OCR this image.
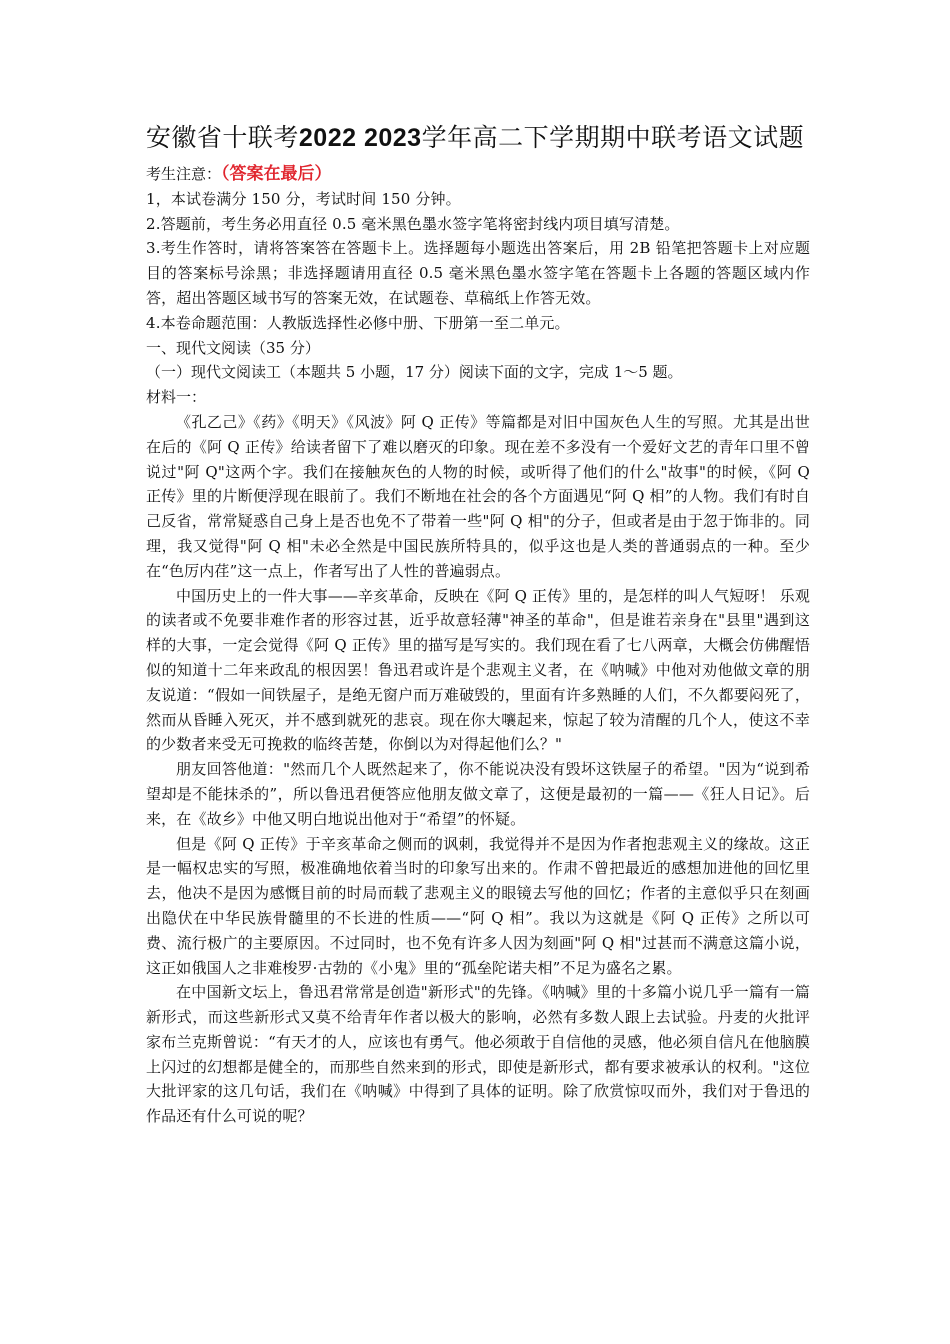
安徽省十联考2022 2023学年高二下学期期中联考语文试题

考生注意：（答案在最后）

1，本试卷满分 150 分，考试时间 150 分钟。

2.答题前，考生务必用直径 0.5 毫米黑色墨水签字笔将密封线内项目填写清楚。

3.考生作答时，请将答案答在答题卡上。选择题每小题选出答案后，用 2B 铅笔把答题卡上对应题目的答案标号涂黑；非选择题请用直径 0.5 毫米黑色墨水签字笔在答题卡上各题的答题区域内作答，超出答题区域书写的答案无效，在试题卷、草稿纸上作答无效。

4.本卷命题范围：人教版选择性必修中册、下册第一至二单元。

一、现代文阅读（35 分）

（一）现代文阅读工（本题共 5 小题，17 分）阅读下面的文字，完成 1～5 题。

材料一：

《孔乙己》《药》《明天》《风波》阿 Q 正传》等篇都是对旧中国灰色人生的写照。尤其是出世在后的《阿 Q 正传》给读者留下了难以磨灭的印象。现在差不多没有一个爱好文艺的青年口里不曾说过"阿 Q"这两个字。我们在接触灰色的人物的时候，或听得了他们的什么"故事"的时候，《阿 Q 正传》里的片断便浮现在眼前了。我们不断地在社会的各个方面遇见“阿 Q 相”的人物。我们有时自己反省，常常疑惑自己身上是否也免不了带着一些"阿 Q 相"的分子，但或者是由于忽于饰非的。同理，我又觉得"阿 Q 相"未必全然是中国民族所特具的，似乎这也是人类的普通弱点的一种。至少在“色厉内荏”这一点上，作者写出了人性的普遍弱点。

中国历史上的一件大事——辛亥革命，反映在《阿 Q 正传》里的，是怎样的叫人气短呀！ 乐观的读者或不免要非难作者的形容过甚，近乎故意轻薄"神圣的革命"，但是谁若亲身在"县里"遇到这样的大事，一定会觉得《阿 Q 正传》里的描写是写实的。我们现在看了七八两章，大概会仿佛醒悟似的知道十二年来政乱的根因罢！鲁迅君或许是个悲观主义者，在《呐喊》中他对劝他做文章的朋友说道：“假如一间铁屋子，是绝无窗户而万难破毁的，里面有许多熟睡的人们，不久都要闷死了，然而从昏睡入死灭，并不感到就死的悲哀。现在你大嚷起来，惊起了较为清醒的几个人，使这不幸的少数者来受无可挽救的临终苦楚，你倒以为对得起他们么？"

朋友回答他道："然而几个人既然起来了，你不能说决没有毁坏这铁屋子的希望。"因为“说到希望却是不能抹杀的”，所以鲁迅君便答应他朋友做文章了，这便是最初的一篇——《狂人日记》。后来，在《故乡》中他又明白地说出他对于“希望”的怀疑。

但是《阿 Q 正传》于辛亥革命之侧而的讽刺，我觉得并不是因为作者抱悲观主义的缘故。这正是一幅权忠实的写照，极准确地依着当时的印象写出来的。作肃不曾把最近的感想加进他的回忆里去，他决不是因为感慨目前的时局而载了悲观主义的眼镜去写他的回忆；作者的主意似乎只在刻画出隐伏在中华民族骨髓里的不长进的性质——“阿 Q 相”。我以为这就是《阿 Q 正传》之所以可费、流行极广的主要原因。不过同时，也不免有许多人因为刻画"阿 Q 相"过甚而不满意这篇小说，这正如俄国人之非难梭罗·古勃的《小鬼》里的“孤垒陀诺夫相”不足为盛名之累。

在中国新文坛上，鲁迅君常常是创造"新形式"的先锋。《呐喊》里的十多篇小说几乎一篇有一篇新形式，而这些新形式又莫不给青年作者以极大的影响，必然有多数人跟上去试验。丹麦的火批评家布兰克斯曾说：“有天才的人，应该也有勇气。他必须敢于自信他的灵感，他必须自信凡在他脑膜上闪过的幻想都是健全的，而那些自然来到的形式，即使是新形式，都有要求被承认的权利。"这位大批评家的这几句话，我们在《呐喊》中得到了具体的证明。除了欣赏惊叹而外，我们对于鲁迅的作品还有什么可说的呢？
